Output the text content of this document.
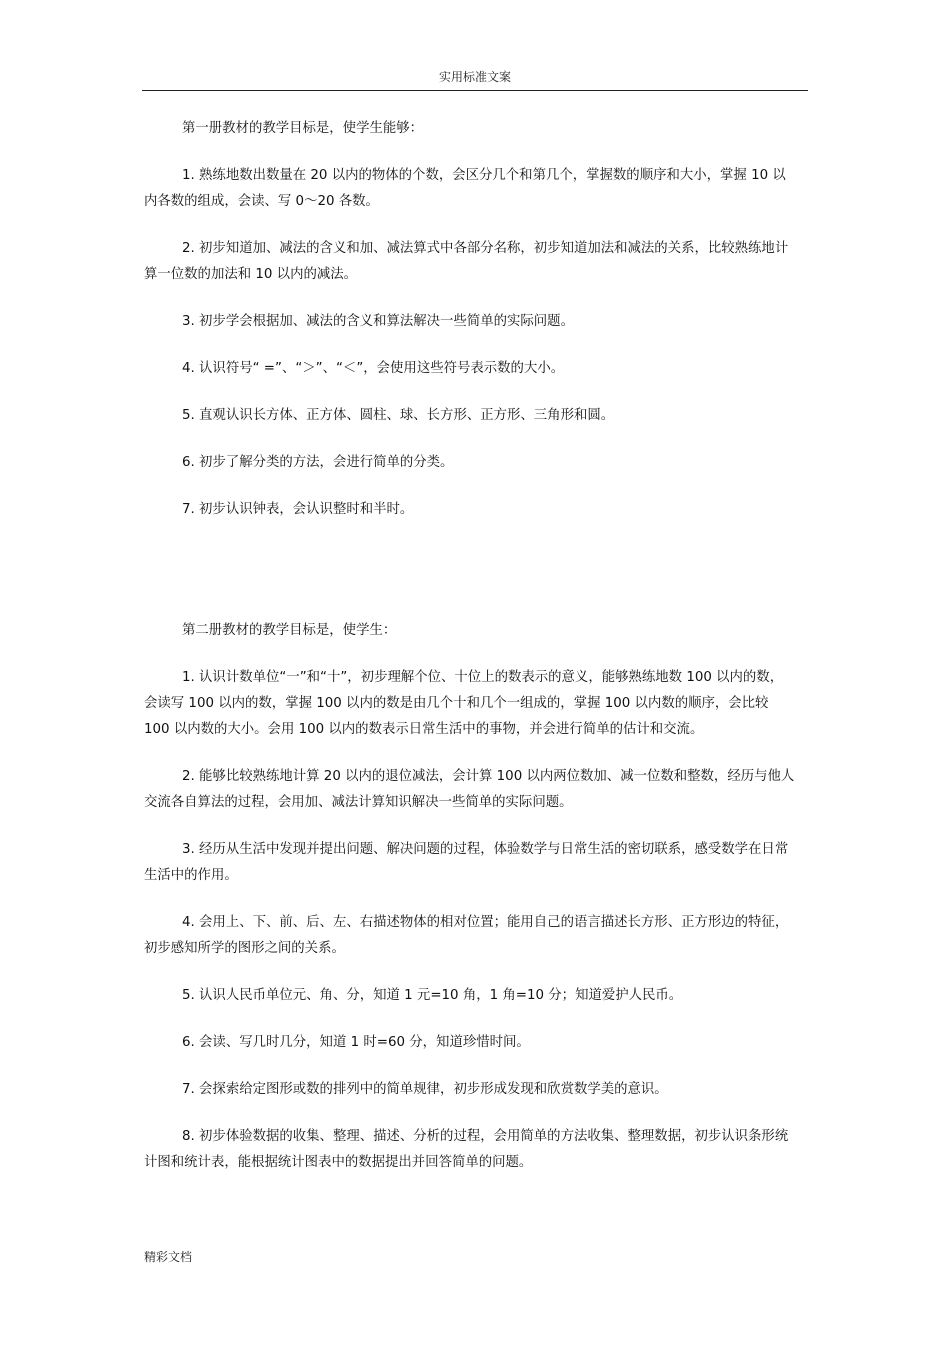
实用标准文案

第一册教材的教学目标是，使学生能够：

1. 熟练地数出数量在 20 以内的物体的个数，会区分几个和第几个，掌握数的顺序和大小，掌握 10 以内各数的组成，会读、写 0～20 各数。

2. 初步知道加、减法的含义和加、减法算式中各部分名称，初步知道加法和减法的关系，比较熟练地计算一位数的加法和 10 以内的减法。

3. 初步学会根据加、减法的含义和算法解决一些简单的实际问题。

4. 认识符号“ =”、“＞”、“＜”，会使用这些符号表示数的大小。

5. 直观认识长方体、正方体、圆柱、球、长方形、正方形、三角形和圆。

6. 初步了解分类的方法，会进行简单的分类。

7. 初步认识钟表，会认识整时和半时。

第二册教材的教学目标是，使学生：

1. 认识计数单位“一”和“十”，初步理解个位、十位上的数表示的意义，能够熟练地数 100 以内的数，会读写 100 以内的数，掌握 100 以内的数是由几个十和几个一组成的，掌握 100 以内数的顺序，会比较 100 以内数的大小。会用 100 以内的数表示日常生活中的事物，并会进行简单的估计和交流。

2. 能够比较熟练地计算 20 以内的退位减法，会计算 100 以内两位数加、减一位数和整数，经历与他人交流各自算法的过程，会用加、减法计算知识解决一些简单的实际问题。

3. 经历从生活中发现并提出问题、解决问题的过程，体验数学与日常生活的密切联系，感受数学在日常生活中的作用。

4. 会用上、下、前、后、左、右描述物体的相对位置；能用自己的语言描述长方形、正方形边的特征，初步感知所学的图形之间的关系。

5. 认识人民币单位元、角、分，知道 1 元=10 角，1 角=10 分；知道爱护人民币。

6. 会读、写几时几分，知道 1 时=60 分，知道珍惜时间。

7. 会探索给定图形或数的排列中的简单规律，初步形成发现和欣赏数学美的意识。

8. 初步体验数据的收集、整理、描述、分析的过程，会用简单的方法收集、整理数据，初步认识条形统计图和统计表，能根据统计图表中的数据提出并回答简单的问题。

精彩文档
